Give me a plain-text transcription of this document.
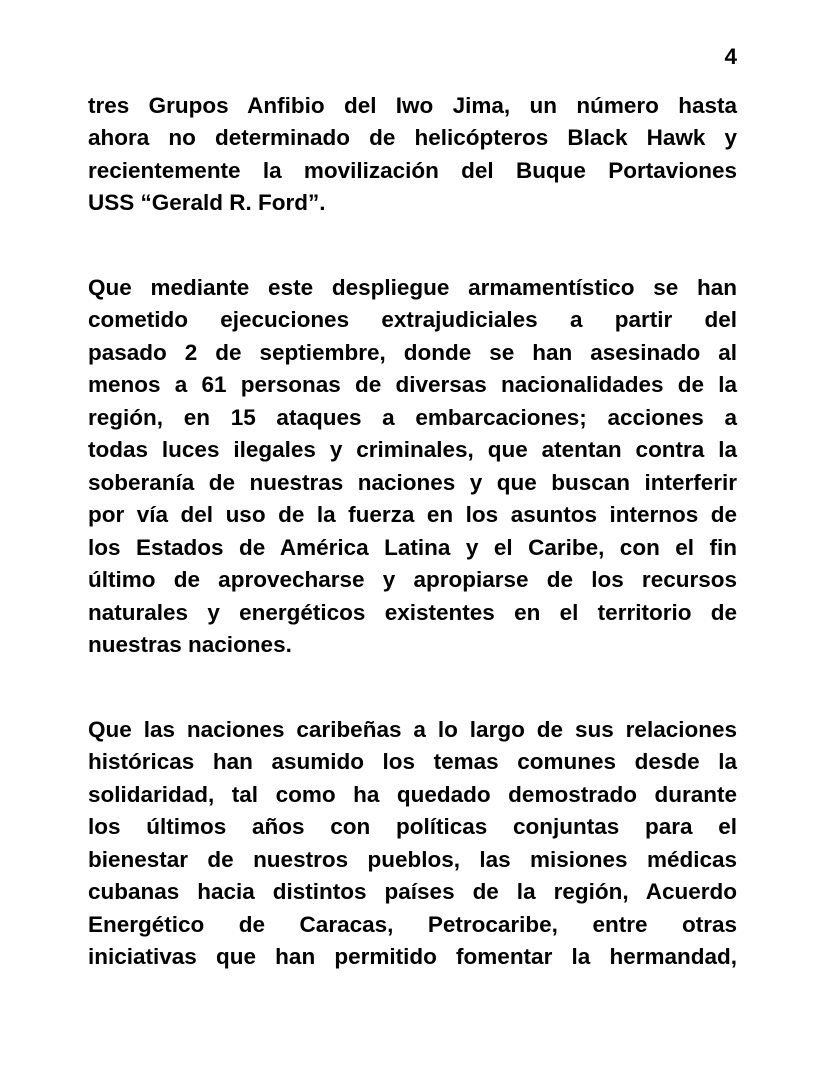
4
tres Grupos Anfibio del Iwo Jima, un número hasta
ahora no determinado de helicópteros Black Hawk y
recientemente la movilización del Buque Portaviones
USS “Gerald R. Ford”.
Que mediante este despliegue armamentístico se han
cometido ejecuciones extrajudiciales a partir del
pasado 2 de septiembre, donde se han asesinado al
menos a 61 personas de diversas nacionalidades de la
región, en 15 ataques a embarcaciones; acciones a
todas luces ilegales y criminales, que atentan contra la
soberanía de nuestras naciones y que buscan interferir
por vía del uso de la fuerza en los asuntos internos de
los Estados de América Latina y el Caribe, con el fin
último de aprovecharse y apropiarse de los recursos
naturales y energéticos existentes en el territorio de
nuestras naciones.
Que las naciones caribeñas a lo largo de sus relaciones
históricas han asumido los temas comunes desde la
solidaridad, tal como ha quedado demostrado durante
los últimos años con políticas conjuntas para el
bienestar de nuestros pueblos, las misiones médicas
cubanas hacia distintos países de la región, Acuerdo
Energético de Caracas, Petrocaribe, entre otras
iniciativas que han permitido fomentar la hermandad,
